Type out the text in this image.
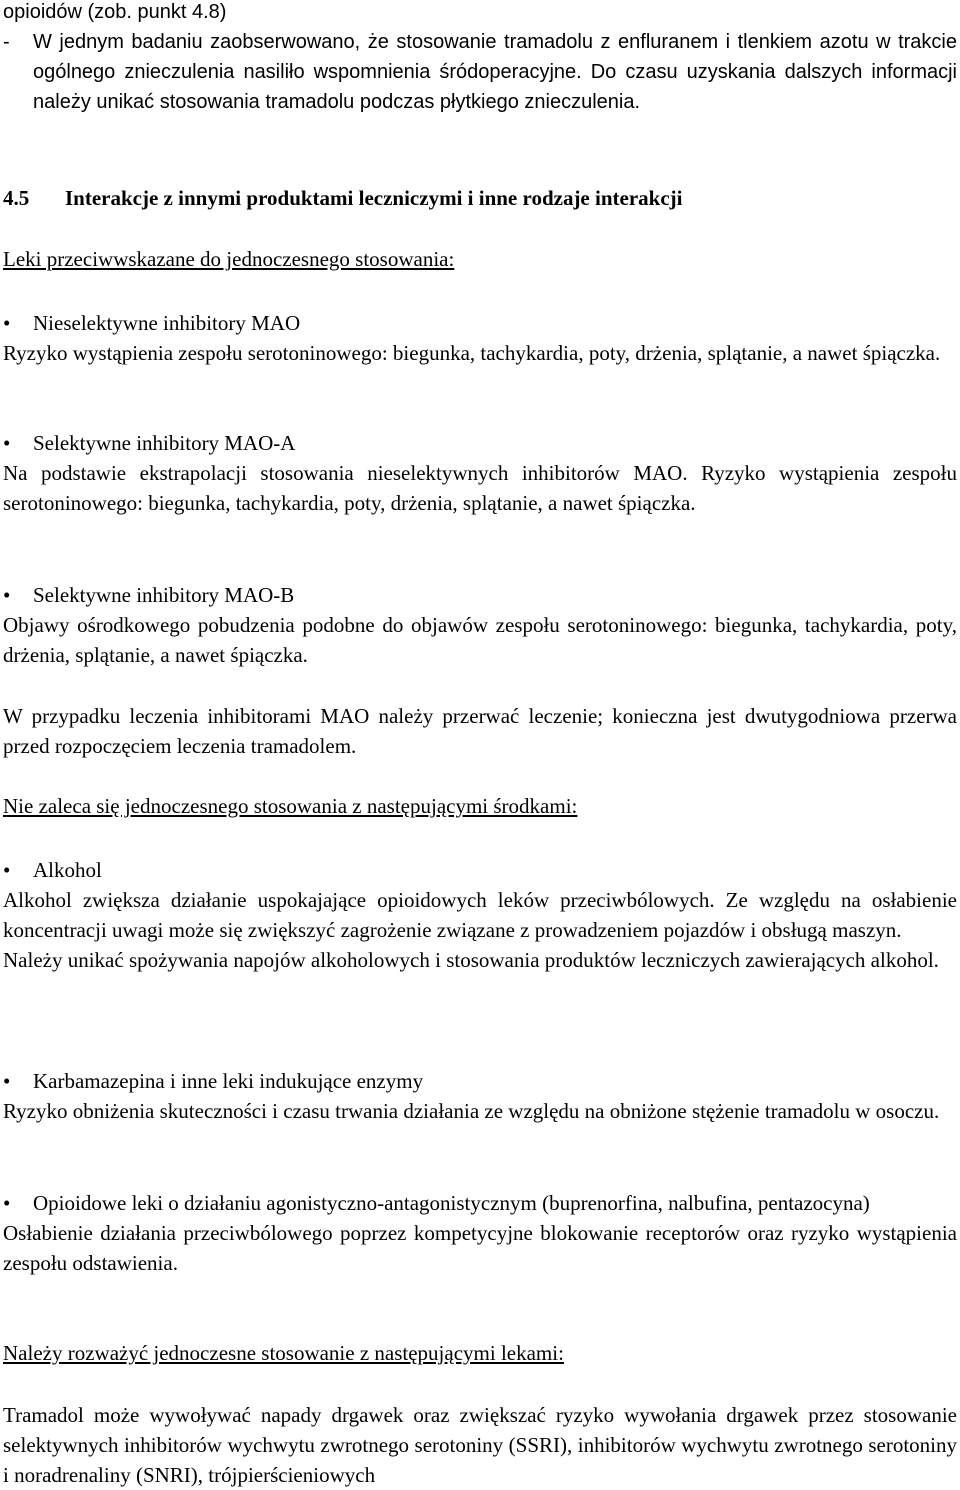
opioidów (zob. punkt 4.8)

- W jednym badaniu zaobserwowano, że stosowanie tramadolu z enfluranem i tlenkiem azotu w trakcie ogólnego znieczulenia nasiliło wspomnienia śródoperacyjne. Do czasu uzyskania dalszych informacji należy unikać stosowania tramadolu podczas płytkiego znieczulenia.

4.5 Interakcje z innymi produktami leczniczymi i inne rodzaje interakcji

Leki przeciwwskazane do jednoczesnego stosowania:

•	Nieselektywne inhibitory MAO

Ryzyko wystąpienia zespołu serotoninowego: biegunka, tachykardia, poty, drżenia, splątanie, a nawet śpiączka.

•	Selektywne inhibitory MAO-A

Na podstawie ekstrapolacji stosowania nieselektywnych inhibitorów MAO. Ryzyko wystąpienia zespołu serotoninowego: biegunka, tachykardia, poty, drżenia, splątanie, a nawet śpiączka.

•	Selektywne inhibitory MAO-B

Objawy ośrodkowego pobudzenia podobne do objawów zespołu serotoninowego: biegunka, tachykardia, poty, drżenia, splątanie, a nawet śpiączka.

W przypadku leczenia inhibitorami MAO należy przerwać leczenie; konieczna jest dwutygodniowa przerwa przed rozpoczęciem leczenia tramadolem.

Nie zaleca się jednoczesnego stosowania z następującymi środkami:

•	Alkohol

Alkohol zwiększa działanie uspokajające opioidowych leków przeciwbólowych. Ze względu na osłabienie koncentracji uwagi może się zwiększyć zagrożenie związane z prowadzeniem pojazdów i obsługą maszyn.

Należy unikać spożywania napojów alkoholowych i stosowania produktów leczniczych zawierających alkohol.

•	Karbamazepina i inne leki indukujące enzymy

Ryzyko obniżenia skuteczności i czasu trwania działania ze względu na obniżone stężenie tramadolu w osoczu.

•	Opioidowe leki o działaniu agonistyczno-antagonistycznym (buprenorfina, nalbufina, pentazocyna)

Osłabienie działania przeciwbólowego poprzez kompetycyjne blokowanie receptorów oraz ryzyko wystąpienia zespołu odstawienia.

Należy rozważyć jednoczesne stosowanie z następującymi lekami:

Tramadol może wywoływać napady drgawek oraz zwiększać ryzyko wywołania drgawek przez stosowanie selektywnych inhibitorów wychwytu zwrotnego serotoniny (SSRI), inhibitorów wychwytu zwrotnego serotoniny i noradrenaliny (SNRI), trójpierścieniowych
